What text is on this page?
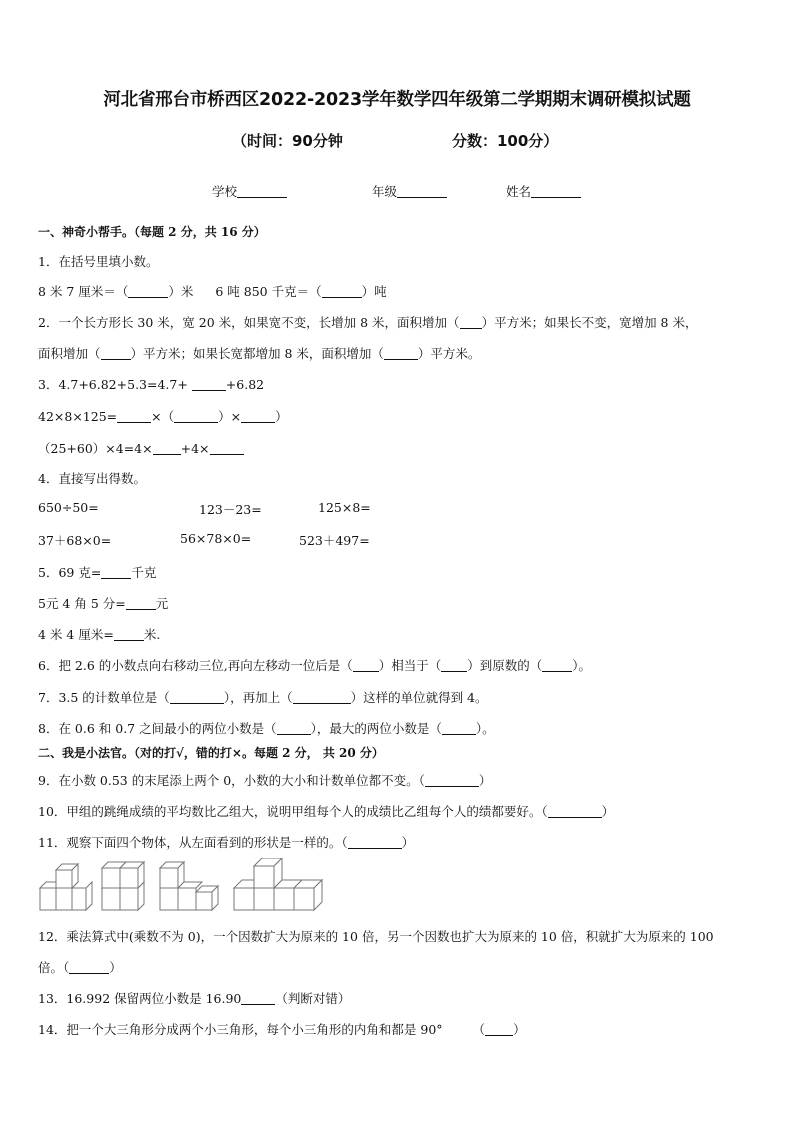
河北省邢台市桥西区2022-2023学年数学四年级第二学期期末调研模拟试题
（时间：90分钟	分数：100分）
学校	年级	姓名
一、神奇小帮手。（每题 2 分，共 16 分）
1．在括号里填小数。
8 米 7 厘米＝（	）米 6 吨 850 千克＝（	）吨
2．一个长方形长 30 米，宽 20 米，如果宽不变，长增加 8 米，面积增加（ ）平方米；如果长不变，宽增加 8 米，
面积增加（ ）平方米；如果长宽都增加 8 米，面积增加（	）平方米。
3．4.7+6.82+5.3=4.7+	+6.82
42×8×125=	×（	）×	）
（25+60）×4=4× +4×
4．直接写出得数。
650÷50=	123－23=	125×8=
37＋68×0=	56×78×0=	523＋497=
5．69 克= 千克
5元 4 角 5 分= 元
4 米 4 厘米= 米.
6．把 2.6 的小数点向右移动三位,再向左移动一位后是（ ）相当于（ ）到原数的（ ）。
7．3.5 的计数单位是（	），再加上（	）这样的单位就得到 4。
8．在 0.6 和 0.7 之间最小的两位小数是（	），最大的两位小数是（	）。
二、我是小法官。（对的打√，错的打×。每题 2 分， 共 20 分）
9．在小数 0.53 的末尾添上两个 0，小数的大小和计数单位都不变。（	）
10．甲组的跳绳成绩的平均数比乙组大，说明甲组每个人的成绩比乙组每个人的绩都要好。（	）
11．观察下面四个物体，从左面看到的形状是一样的。（	）
12．乘法算式中(乘数不为 0)，一个因数扩大为原来的 10 倍，另一个因数也扩大为原来的 10 倍，积就扩大为原来的 100
倍。（	）
13．16.992 保留两位小数是 16.90	（判断对错）
14．把一个大三角形分成两个小三角形，每个小三角形的内角和都是 90° （ ）
